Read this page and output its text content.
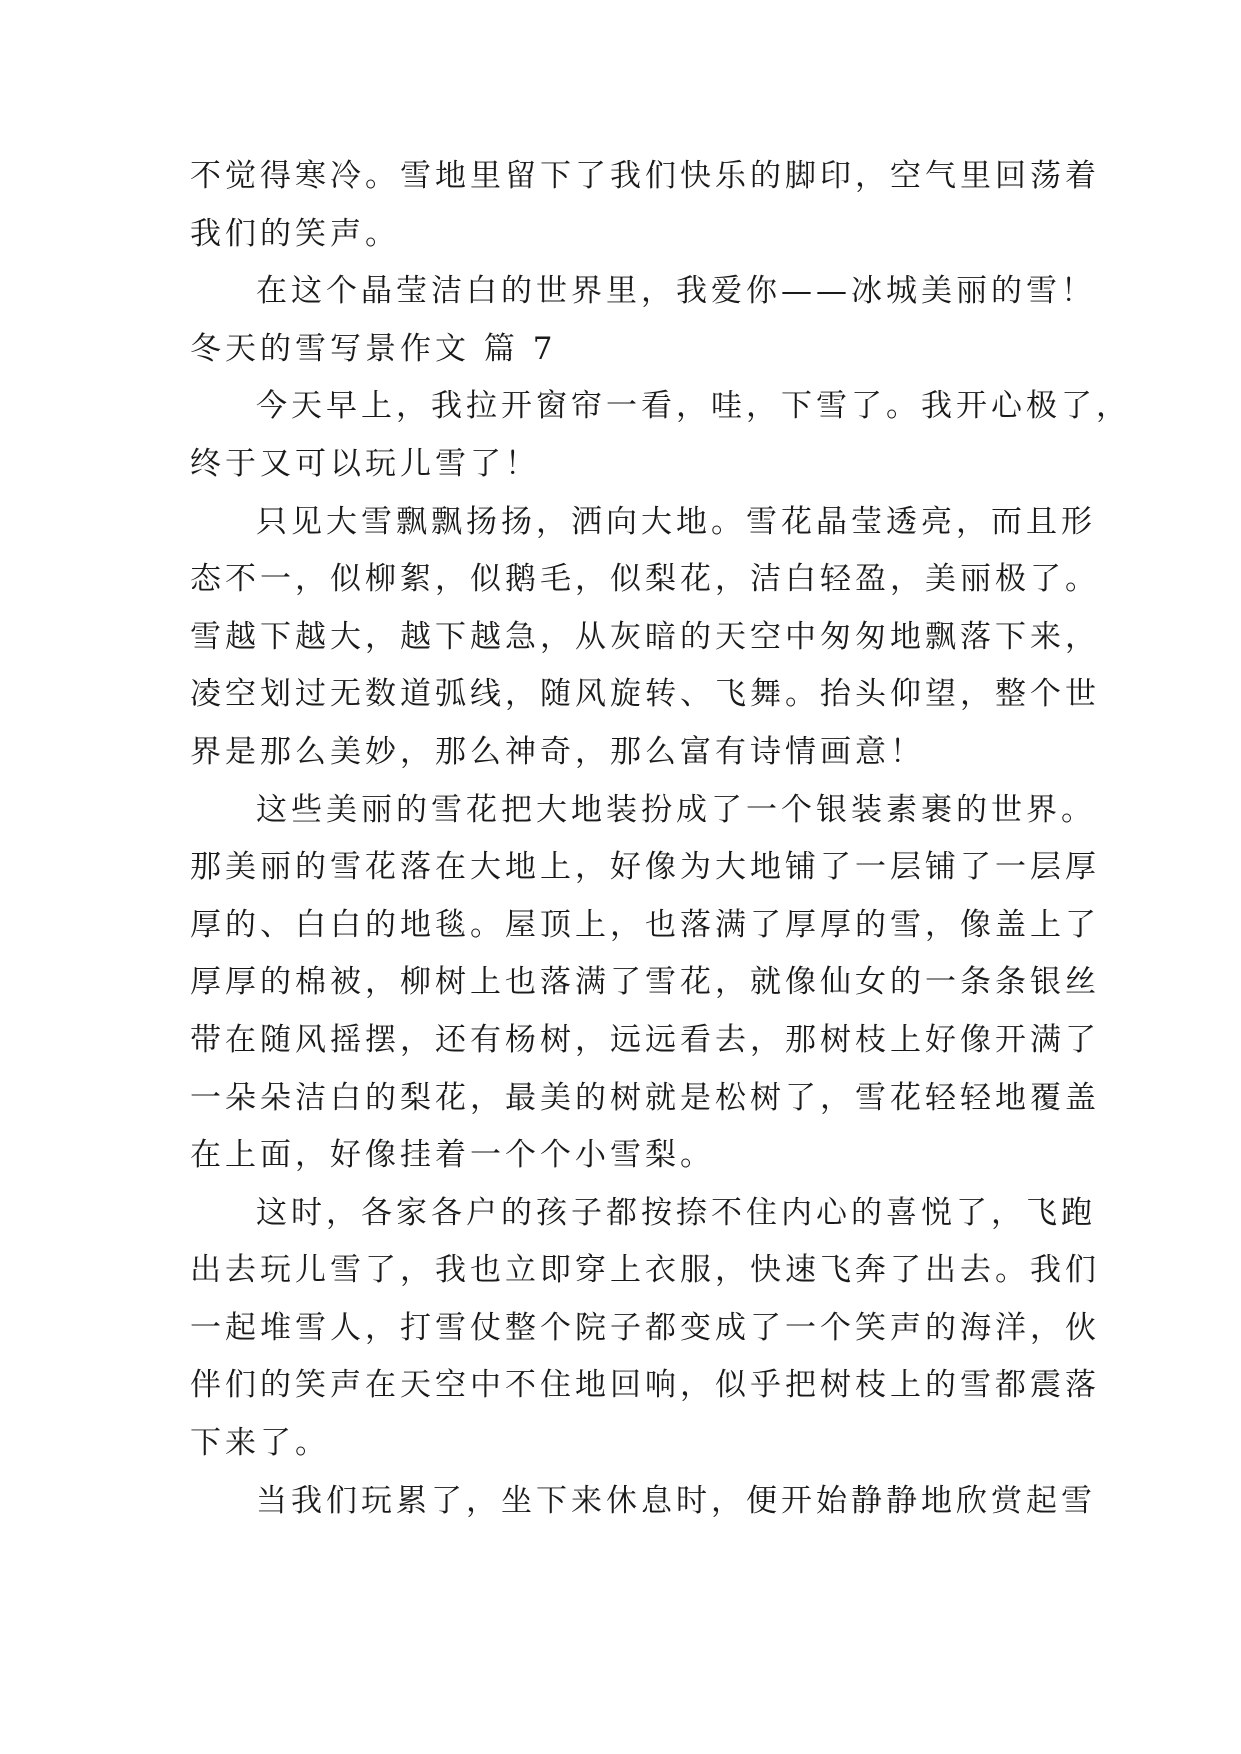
不觉得寒冷。雪地里留下了我们快乐的脚印，空气里回荡着
我们的笑声。
在这个晶莹洁白的世界里，我爱你——冰城美丽的雪！
冬天的雪写景作文 篇 7
今天早上，我拉开窗帘一看，哇，下雪了。我开心极了，
终于又可以玩儿雪了！
只见大雪飘飘扬扬，洒向大地。雪花晶莹透亮，而且形
态不一，似柳絮，似鹅毛，似梨花，洁白轻盈，美丽极了。
雪越下越大，越下越急，从灰暗的天空中匆匆地飘落下来，
凌空划过无数道弧线，随风旋转、飞舞。抬头仰望，整个世
界是那么美妙，那么神奇，那么富有诗情画意！
这些美丽的雪花把大地装扮成了一个银装素裹的世界。
那美丽的雪花落在大地上，好像为大地铺了一层铺了一层厚
厚的、白白的地毯。屋顶上，也落满了厚厚的雪，像盖上了
厚厚的棉被，柳树上也落满了雪花，就像仙女的一条条银丝
带在随风摇摆，还有杨树，远远看去，那树枝上好像开满了
一朵朵洁白的梨花，最美的树就是松树了，雪花轻轻地覆盖
在上面，好像挂着一个个小雪梨。
这时，各家各户的孩子都按捺不住内心的喜悦了，飞跑
出去玩儿雪了，我也立即穿上衣服，快速飞奔了出去。我们
一起堆雪人，打雪仗整个院子都变成了一个笑声的海洋，伙
伴们的笑声在天空中不住地回响，似乎把树枝上的雪都震落
下来了。
当我们玩累了，坐下来休息时，便开始静静地欣赏起雪
